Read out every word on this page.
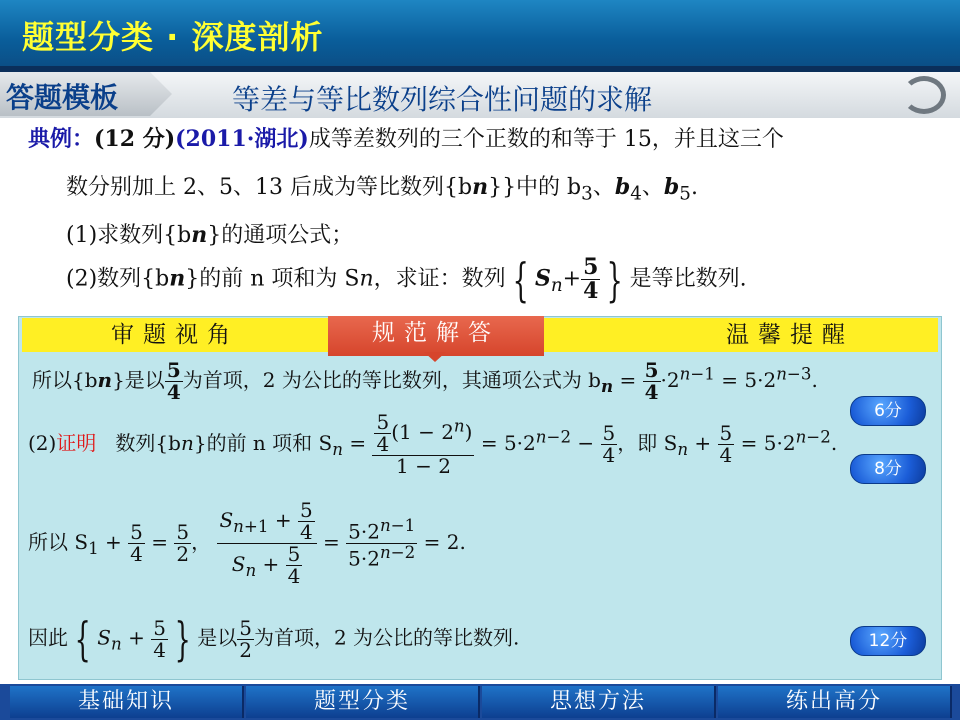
题型分类 · 深度剖析
答题模板	等差与等比数列综合性问题的求解
典例：(12 分)(2011·湖北)成等差数列的三个正数的和等于 15，并且这三个
数分别加上 2、5、13 后成为等比数列{bn}}中的 $b_3$、$b_4$、$b_5$.
(1)求数列{bn}的通项公式；
(2)数列{bn}的前 n 项和为 Sn，求证：数列 { $S_n+ \frac{5}{4}$ } 是等比数列.
审题视角	规范解答	温馨提醒
所以{bn}是以 $\frac{5}{4}$ 为首项，2 为公比的等比数列，其通项公式为 $b_n = \frac{5}{4} \cdot 2^{n-1} = 5\cdot 2^{n-3}$.
6分
(2)证明 数列{bn}的前 n 项和 $S_n = \frac{\frac{5}{4} (1 - 2^n)}{1 - 2} = 5\cdot 2^{n-2} - \frac{5}{4}$ ，即 $S_n + \frac{5}{4} = 5\cdot 2^{n-2}$.
8分
所以 $S_1 + \frac{5}{4} = \frac{5}{2}$ ， $\frac{S_{n+1} + \frac{5}{4}}{S_n + \frac{5}{4}} = \frac{5\cdot 2^{n-1}}{5\cdot 2^{n-2}} = 2$.
因此 { $S_n + \frac{5}{4}$ } 是以 $\frac{5}{2}$ 为首项，2 为公比的等比数列.	12分
基础知识	题型分类	思想方法	练出高分
